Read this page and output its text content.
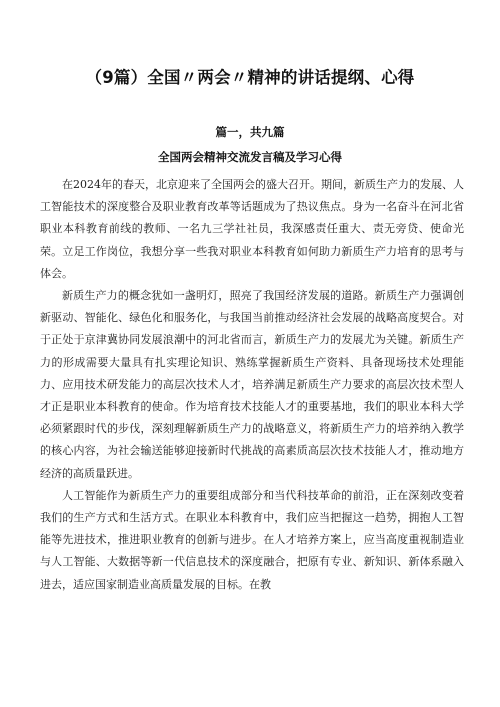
（9篇）全国〃两会〃精神的讲话提纲、心得
篇一，共九篇
全国两会精神交流发言稿及学习心得

在2024年的春天，北京迎来了全国两会的盛大召开。期间，新质生产力的发展、人工智能技术的深度整合及职业教育改革等话题成为了热议焦点。身为一名奋斗在河北省职业本科教育前线的教师、一名九三学社社员，我深感责任重大、责无旁贷、使命光荣。立足工作岗位，我想分享一些我对职业本科教育如何助力新质生产力培育的思考与体会。

新质生产力的概念犹如一盏明灯，照亮了我国经济发展的道路。新质生产力强调创新驱动、智能化、绿色化和服务化，与我国当前推动经济社会发展的战略高度契合。对于正处于京津冀协同发展浪潮中的河北省而言，新质生产力的发展尤为关键。新质生产力的形成需要大量具有扎实理论知识、熟练掌握新质生产资料、具备现场技术处理能力、应用技术研发能力的高层次技术人才，培养满足新质生产力要求的高层次技术型人才正是职业本科教育的使命。作为培育技术技能人才的重要基地，我们的职业本科大学必须紧跟时代的步伐，深刻理解新质生产力的战略意义，将新质生产力的培养纳入教学的核心内容，为社会输送能够迎接新时代挑战的高素质高层次技术技能人才，推动地方经济的高质量跃进。

人工智能作为新质生产力的重要组成部分和当代科技革命的前沿，正在深刻改变着我们的生产方式和生活方式。在职业本科教育中，我们应当把握这一趋势，拥抱人工智能等先进技术，推进职业教育的创新与进步。在人才培养方案上，应当高度重视制造业与人工智能、大数据等新一代信息技术的深度融合，把原有专业、新知识、新体系融入进去，适应国家制造业高质量发展的目标。在教
